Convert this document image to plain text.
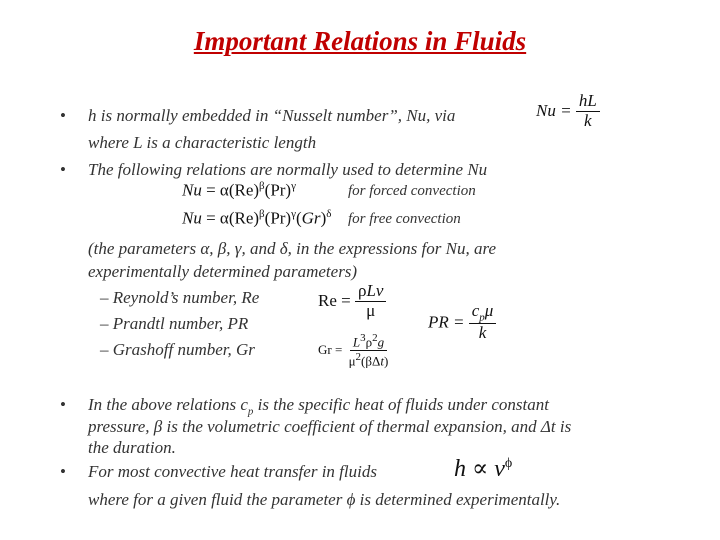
Important Relations in Fluids
• h is normally embedded in “Nusselt number”, Nu, via
where L is a characteristic length
$Nu = \frac{hL}{k}$
• The following relations are normally used to determine Nu
$Nu = \alpha(Re)^\beta(Pr)^\gamma$	for forced convection
$Nu = \alpha(Re)^\beta(Pr)^\gamma(Gr)^\delta$ for free convection
(the parameters α, β, γ, and δ, in the expressions for Nu, are
experimentally determined parameters)
– Reynold’s number, Re
– Prandtl number, PR
– Grashoff number, Gr
$Re = \frac{\text{ρLv}}{\mu}$
PR = $\frac{c_p\mu}{k}$
$Gr = \frac{L^3\rho^2g}{\mu^2(\beta\Delta t)}$
• In the above relations $c_p$ is the specific heat of fluids under constant
pressure, β is the volumetric coefficient of thermal expansion, and Δt is
the duration.
• For most convective heat transfer in fluids	$h \propto v^\phi$
where for a given fluid the parameter ϕ is determined experimentally.
